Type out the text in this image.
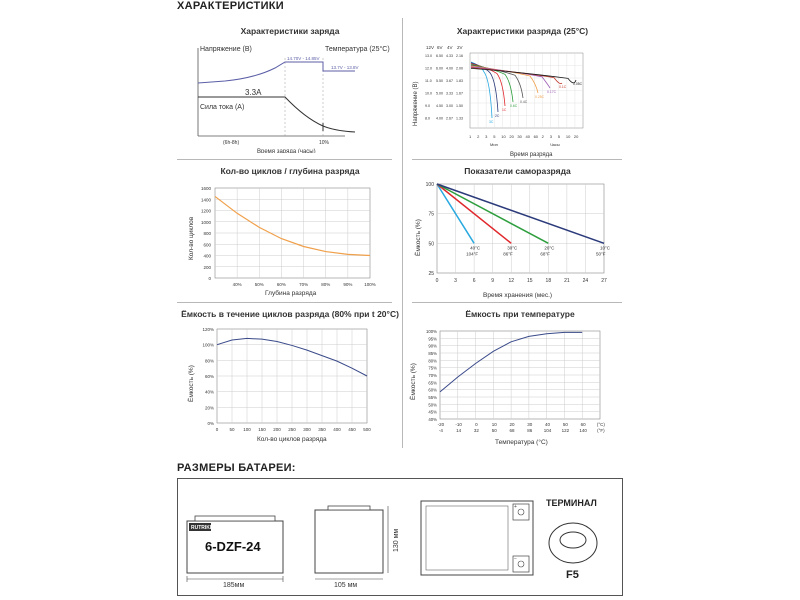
ХАРАКТЕРИСТИКИ
Характеристики заряда
Напряжение (В)	Температура (25°С)
14.70V - 14.85V
13.7V - 13.8V
3.3А
Сила тока (А)
(6h-8h)	10%
Время заряда (часы)
Характеристики разряда (25°С)
Напряжение (В)
12V 6V 4V 2V
13.0 6.50 4.33 2.16
12.0 6.00 4.00 2.00
11.0 5.50 3.67 1.83
10.0 5.00 3.33 1.67
9.0 4.50 3.00 1.50
8.0 4.00 2.67 1.33
3C
2C
1C
0.6C
0.4C
0.25C
0.17C
0.1C
0.05C
1 2 3 5 10 20 30 40 60 2 3 5 10 20
Мин	Часы
Время разряда
Кол-во циклов / глубина разряда
Кол-во циклов
Глубина разряда
1600
1400
1200
1000
800
600
400
200
0
40%	50%	60%	70%	80%	90%	100%
Показатели саморазряда
Ёмкость (%)
Время хранения (мес.)
100
75
50
25
0	3	6	9	12	15	18	21	24	27
40°C
104°F
30°C
86°F
20°C
68°F
10°C
50°F
Ёмкость в течение циклов разряда (80% при t 20°С)
Ёмкость (%)
Кол-во циклов разряда
120%
100%
80%
60%
40%
20%
0%
0 50 100 150 200 250 300 350 400 450 500
Ёмкость при температуре
Ёмкость (%)
Температура (°С)
100%
95%
90%
85%
80%
75%
70%
65%
60%
55%
50%
45%
40%
-20	-10	0	10	20	30	40	50	60 (°C)
-4	14	32	50	68	86	104 122 140 (°F)
РАЗМЕРЫ БАТАРЕИ:
RUTRIKE
6-DZF-24
185мм
130 мм
105 мм
+
−
ТЕРМИНАЛ
F5
